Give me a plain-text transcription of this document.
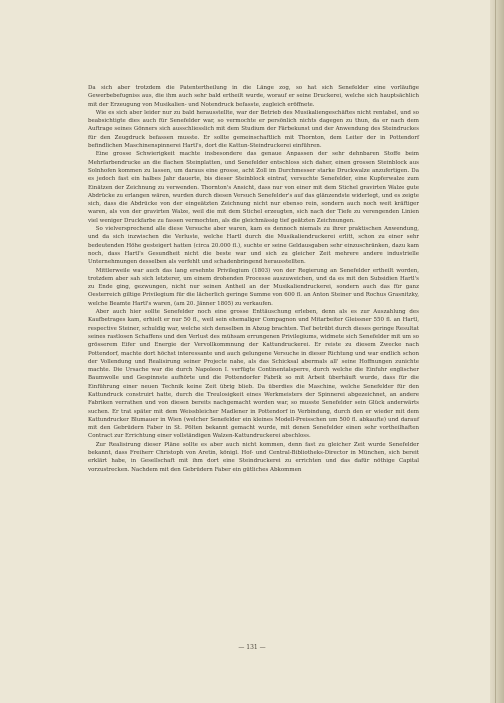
Da sich aber trotzdem die Patentertheilung in die Länge zog, so hat sich Senefelder eine vorläufige Gewerbebefugniss aus, die ihm auch sehr bald ertheilt wurde, worauf er seine Druckerei, welche sich hauptsächlich mit der Erzeugung von Musikalien- und Notendruck befasste, zugleich eröffnete.

Wie es sich aber leider nur zu bald herausstellte, war der Betrieb des Musikaliengeschäftes nicht rentabel, und so beabsichtigte dies auch für Senefelder war, so vermochte er persönlich nichts dagegen zu thun, da er nach dem Auftrage seines Gönners sich ausschliesslich mit dem Studium der Färbekunst und der Anwendung des Steindruckes für den Zeugdruck befassen musste. Er sollte gemeinschaftlich mit Thornton, dem Leiter der in Pottendorf befindlichen Maschinenspinnerei Hartl's, dort die Kattun-Steindruckerei einführen.

Eine grosse Schwierigkeit machte insbesondere das genaue Anpassen der sehr dehnbaren Stoffe beim Mehrfarbendrucke an die flachen Steinplatten, und Senefelder entschloss sich daher, einen grossen Steinblock aus Solnhofen kommen zu lassen, um daraus eine grosse, acht Zoll im Durchmesser starke Druckwalze anzufertigen. Da es jedoch fast ein halbes Jahr dauerte, bis dieser Steinblock eintraf, versuchte Senefelder, eine Kupferwalze zum Einätzen der Zeichnung zu verwenden. Thornton's Ansicht, dass nur von einer mit dem Stichel gravirten Walze gute Abdrücke zu erlangen wären, wurden durch diesen Versuch Senefelder's auf das glänzendste widerlegt, und es zeigte sich, dass die Abdrücke von der eingeätzten Zeichnung nicht nur ebenso rein, sondern auch noch weit kräftiger waren, als von der gravirten Walze, weil die mit dem Stichel erzeugten, sich nach der Tiefe zu verengenden Linien viel weniger Druckfarbe zu fassen vermochten, als die gleichmässig tief geätzten Zeichnungen.

So vielversprechend alle diese Versuche aber waren, kam es dennoch niemals zu ihrer praktischen Anwendung, und da sich inzwischen die Verluste, welche Hartl durch die Musikaliendruckerei erlitt, schon zu einer sehr bedeutenden Höhe gesteigert hatten (circa 20.000 fl.), suchte er seine Geldausgaben sehr einzuschränken, dazu kam noch, dass Hartl's Gesundheit nicht die beste war und sich zu gleicher Zeit mehrere andere industrielle Unternehmungen desselben als verfehlt und schadenbringend herausstellten.

Mittlerweile war auch das lang ersehnte Privilegium (1803) von der Regierung an Senefelder ertheilt worden, trotzdem aber sah sich letzterer, um einem drohenden Processe auszuweichen, und da es mit den Subsidien Hartl's zu Ende ging, gezwungen, nicht nur seinen Antheil an der Musikaliendruckerei, sondern auch das für ganz Oesterreich giltige Privilegium für die lächerlich geringe Summe von 600 fl. an Anton Steiner und Rochus Grasnitzky, welche Beamte Hartl's waren, (am 20. Jänner 1805) zu verkaufen.

Aber auch hier sollte Senefelder noch eine grosse Enttäuschung erleben, denn als es zur Auszahlung des Kaufbetrages kam, erhielt er nur 50 fl., weil sein ehemaliger Compagnon und Mitarbeiter Gleissner 550 fl. an Hartl, respective Steiner, schuldig war, welche sich denselben in Abzug brachten. Tief betrübt durch dieses geringe Resultat seines rastlosen Schaffens und den Verlust des mühsam errungenen Privilegiums, widmete sich Senefelder mit um so grösserem Eifer und Energie der Vervollkommnung der Kattundruckerei. Er reiste zu diesem Zwecke nach Pottendorf, machte dort höchst interessante und auch gelungene Versuche in dieser Richtung und war endlich schon der Vollendung und Realisirung seiner Projecte nahe, als das Schicksal abermals all' seine Hoffnungen zunichte machte. Die Ursache war die durch Napoleon I. verfügte Continentalsperre, durch welche die Einfuhr englischer Baumwolle und Gespinnste aufhörte und die Pottendorfer Fabrik so mit Arbeit überhäuft wurde, dass für die Einführung einer neuen Technik keine Zeit übrig blieb. Da überdies die Maschine, welche Senefelder für den Kattundruck construirt hatte, durch die Treulosigkeit eines Werkmeisters der Spinnerei abgezeichnet, an andere Fabriken verrathen und von diesen bereits nachgemacht worden war, so musste Senefelder sein Glück anderwärts suchen. Er trat später mit dem Weissbleicher Madlener in Pottendorf in Verbindung, durch den er wieder mit dem Kattundrucker Blumauer in Wien (welcher Senefelder ein kleines Modell-Preisschen um 500 fl. abkaufte) und darauf mit den Gebrüdern Faber in St. Pölten bekannt gemacht wurde, mit denen Senefelder einen sehr vortheilhaften Contract zur Errichtung einer vollständigen Walzen-Kattundruckerei abschloss.

Zur Realisirung dieser Pläne sollte es aber auch nicht kommen, denn fast zu gleicher Zeit wurde Senefelder bekannt, dass Freiherr Christoph von Aretin, königl. Hof- und Central-Bibliotheks-Director in München, sich bereit erklärt habe, in Gesellschaft mit ihm dort eine Steindruckerei zu errichten und das dafür nöthige Capital vorzustrecken. Nachdem mit den Gebrüdern Faber ein gütliches Abkommen

— 131 —
